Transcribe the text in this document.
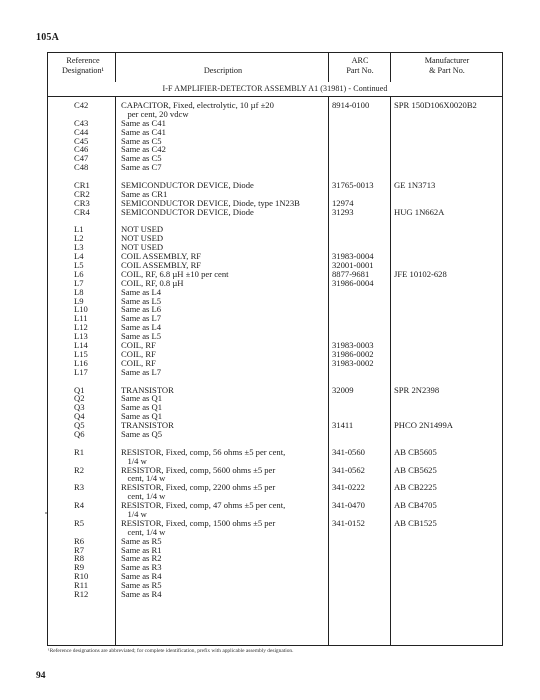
105A
Reference
Designation¹	Description
ARC
Part No.
Manufacturer
& Part No.
I-F AMPLIFIER-DETECTOR ASSEMBLY A1 (31981) - Continued
C42	CAPACITOR, Fixed, electrolytic, 10 µf ±20	8914-0100	SPR 150D106X0020B2
per cent, 20 vdcw
C43	Same as C41
C44	Same as C41
C45	Same as C5
C46	Same as C42
C47	Same as C5
C48	Same as C7
CR1	SEMICONDUCTOR DEVICE, Diode	31765-0013 GE 1N3713
CR2	Same as CR1
CR3	SEMICONDUCTOR DEVICE, Diode, type 1N23B	12974
CR4	SEMICONDUCTOR DEVICE, Diode	31293	HUG 1N662A
L1	NOT USED
L2	NOT USED
L3	NOT USED
L4	COIL ASSEMBLY, RF	31983-0004
L5	COIL ASSEMBLY, RF	32001-0001
L6	COIL, RF, 6.8 µH ±10 per cent	8877-9681	JFE 10102-628
L7	COIL, RF, 0.8 µH	31986-0004
L8	Same as L4
L9	Same as L5
L10	Same as L6
L11	Same as L7
L12	Same as L4
L13	Same as L5
L14	COIL, RF	31983-0003
L15	COIL, RF	31986-0002
L16	COIL, RF	31983-0002
L17	Same as L7
Q1	TRANSISTOR	32009	SPR 2N2398
Q2	Same as Q1
Q3	Same as Q1
Q4	Same as Q1
Q5	TRANSISTOR	31411	PHCO 2N1499A
Q6	Same as Q5
R1	RESISTOR, Fixed, comp, 56 ohms ±5 per cent,	341-0560	AB CB5605
1/4 w
R2	RESISTOR, Fixed, comp, 5600 ohms ±5 per	341-0562	AB CB5625
cent, 1/4 w
R3	RESISTOR, Fixed, comp, 2200 ohms ±5 per	341-0222	AB CB2225
cent, 1/4 w
R4	RESISTOR, Fixed, comp, 47 ohms ±5 per cent,	341-0470	AB CB4705
1/4 w
R5	RESISTOR, Fixed, comp, 1500 ohms ±5 per	341-0152	AB CB1525
cent, 1/4 w
R6	Same as R5
R7	Same as R1
R8	Same as R2
R9	Same as R3
R10	Same as R4
R11	Same as R5
R12	Same as R4
¹Reference designations are abbreviated; for complete identification, prefix with applicable assembly designation.
94
